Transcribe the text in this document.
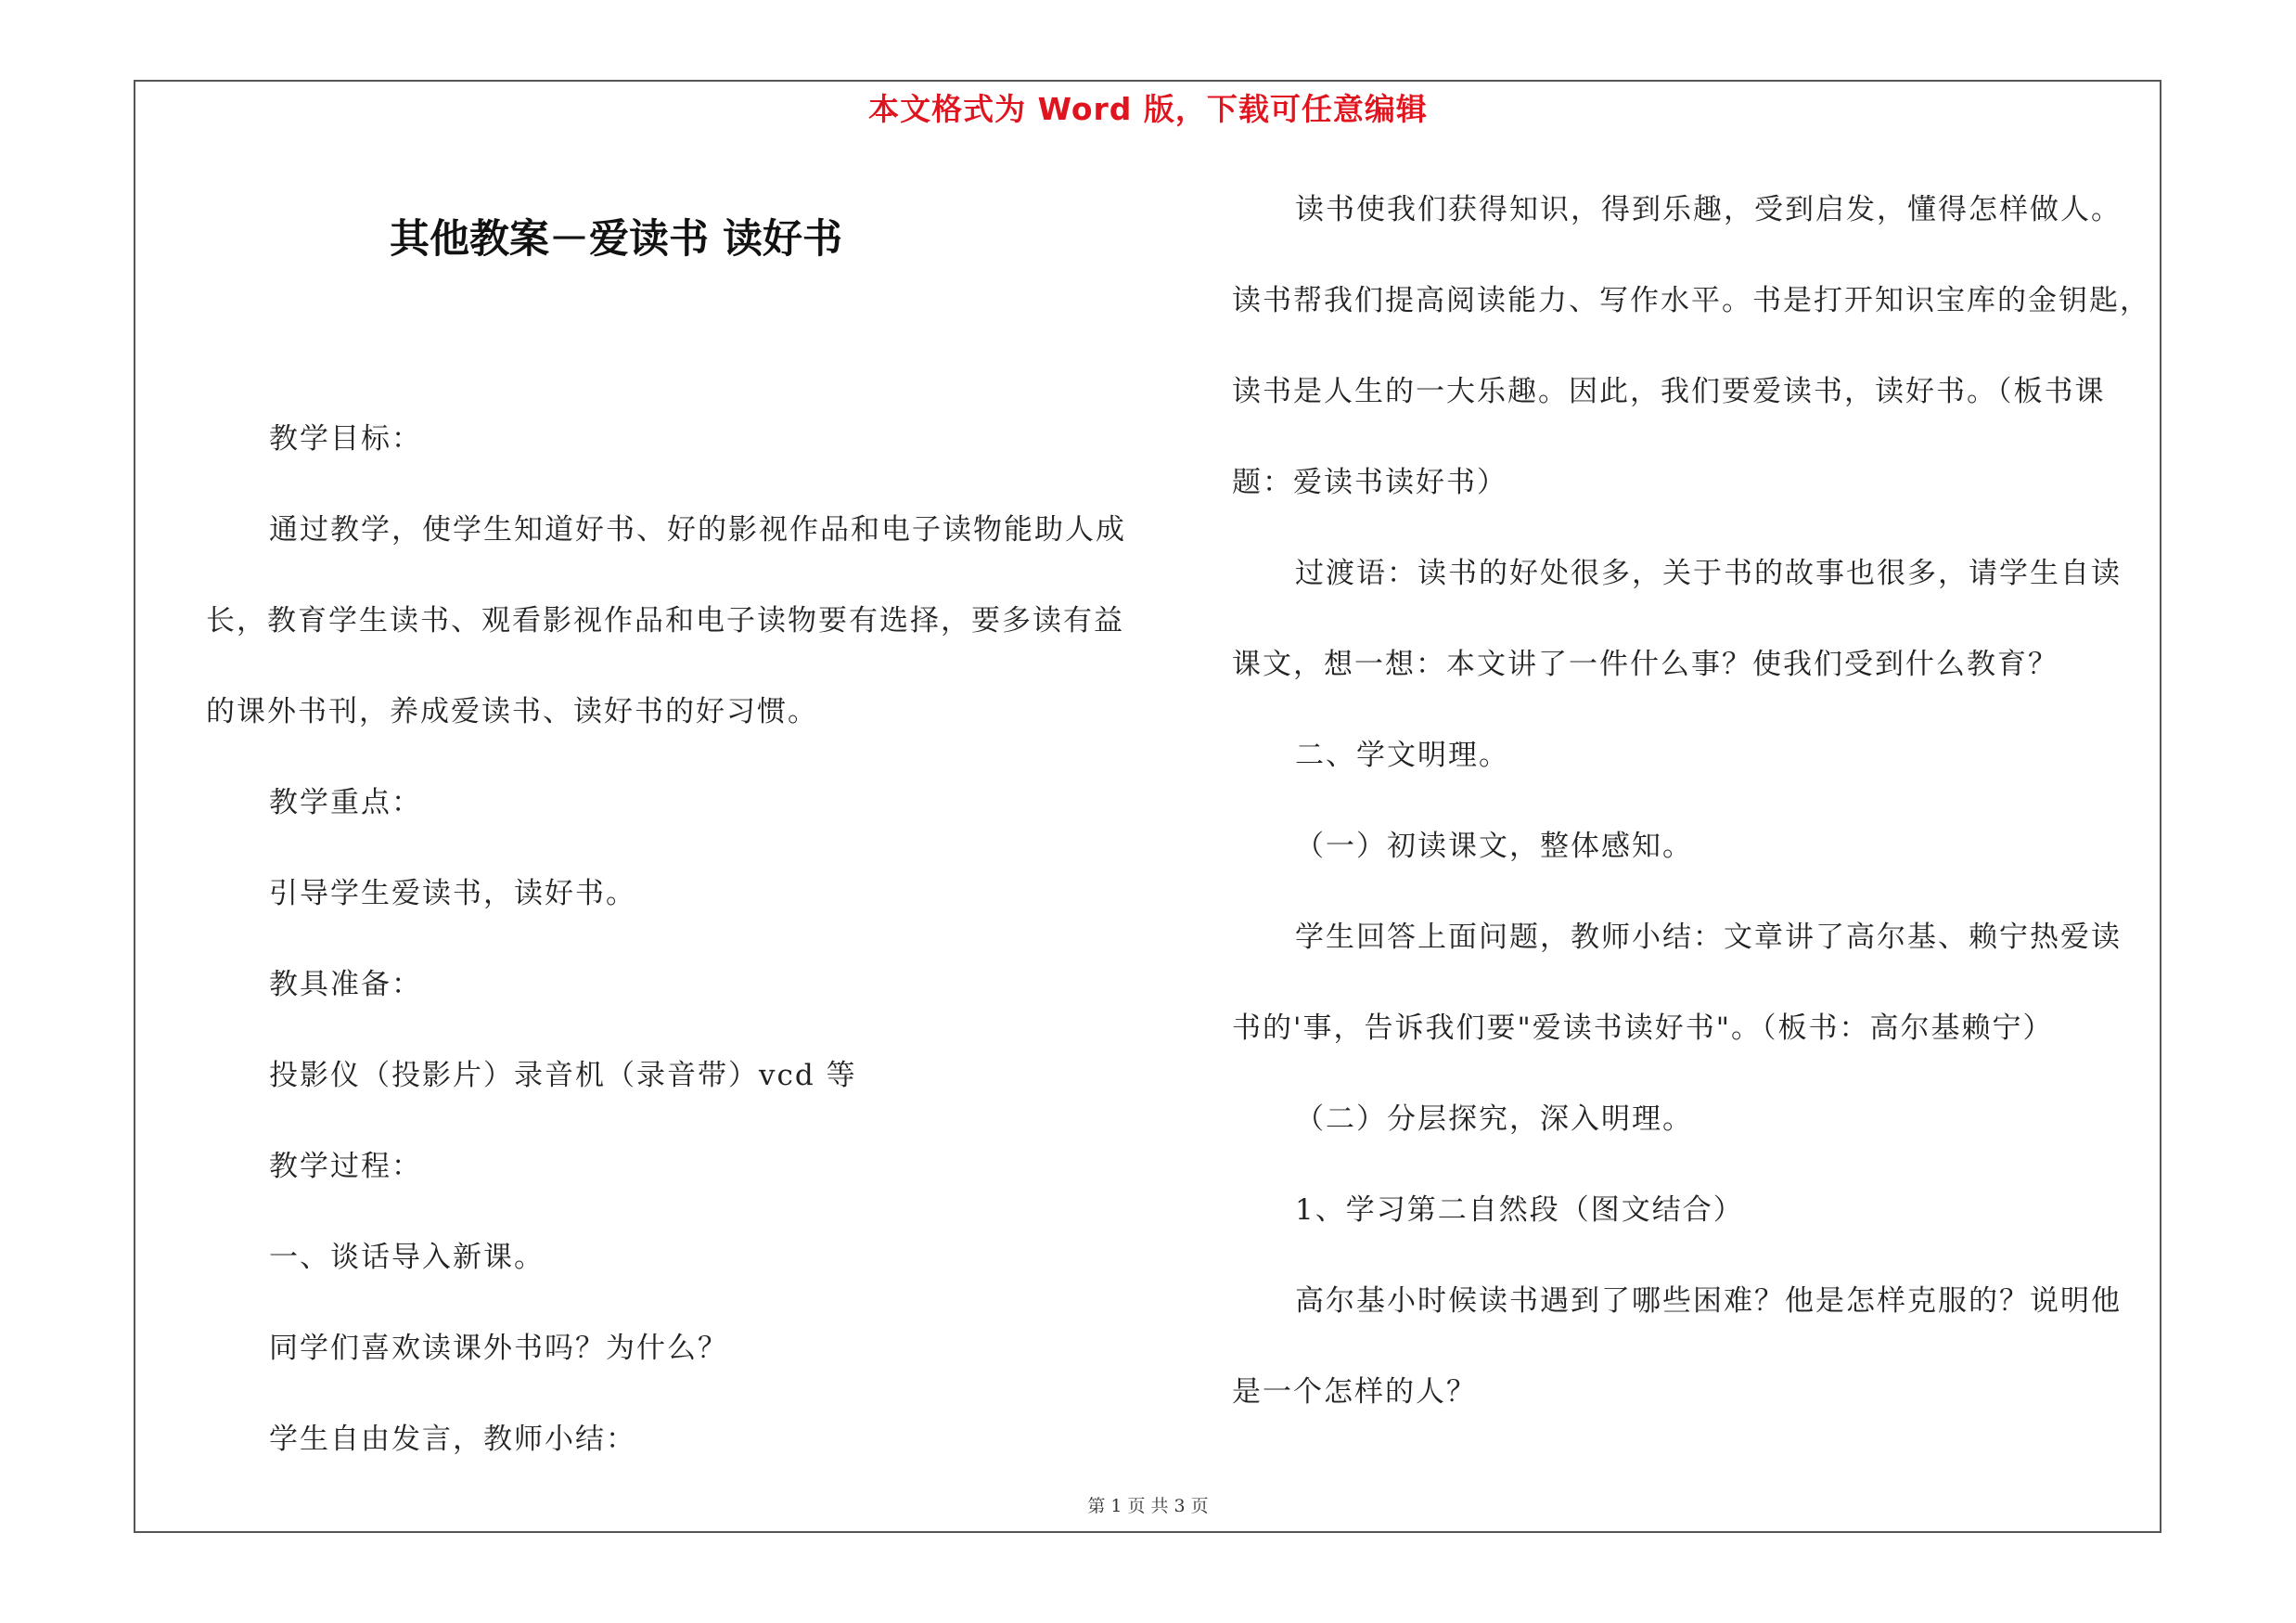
本文格式为 Word 版，下载可任意编辑
其他教案－爱读书 读好书

教学目标：

通过教学，使学生知道好书、好的影视作品和电子读物能助人成长，教育学生读书、观看影视作品和电子读物要有选择，要多读有益的课外书刊，养成爱读书、读好书的好习惯。

教学重点：

引导学生爱读书，读好书。

教具准备：

投影仪（投影片）录音机（录音带）vcd 等

教学过程：

一、谈话导入新课。

同学们喜欢读课外书吗？为什么？

学生自由发言，教师小结：

读书使我们获得知识，得到乐趣，受到启发，懂得怎样做人。读书帮我们提高阅读能力、写作水平。书是打开知识宝库的金钥匙，读书是人生的一大乐趣。因此，我们要爱读书，读好书。（板书课题：爱读书读好书）

过渡语：读书的好处很多，关于书的故事也很多，请学生自读课文，想一想：本文讲了一件什么事？使我们受到什么教育？

二、学文明理。

（一）初读课文，整体感知。

学生回答上面问题，教师小结：文章讲了高尔基、赖宁热爱读书的'事，告诉我们要"爱读书读好书"。（板书：高尔基赖宁）

（二）分层探究，深入明理。

1、学习第二自然段（图文结合）

高尔基小时候读书遇到了哪些困难？他是怎样克服的？说明他是一个怎样的人？

第 1 页 共 3 页
